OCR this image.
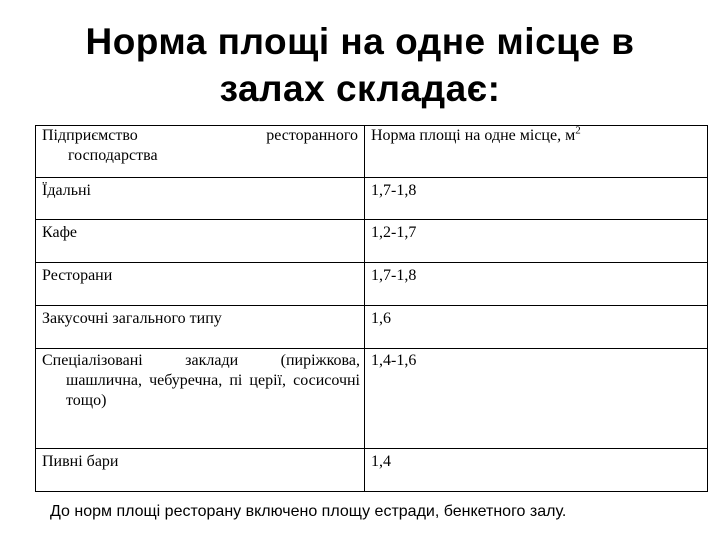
Норма площі на одне місце в
залах складає:
Підприємство ресторанного
господарства	Норма площі на одне місце, $м^2$
Їдальні	1,7-1,8
Кафе	1,2-1,7
Ресторани	1,7-1,8
Закусочні загального типу	1,6
Спеціалізовані заклади (пиріжкова, шашлична, чебуречна, пі церії, сосисочні тощо)	1,4-1,6
Пивні бари	1,4
До норм площі ресторану включено площу естради, бенкетного залу.
